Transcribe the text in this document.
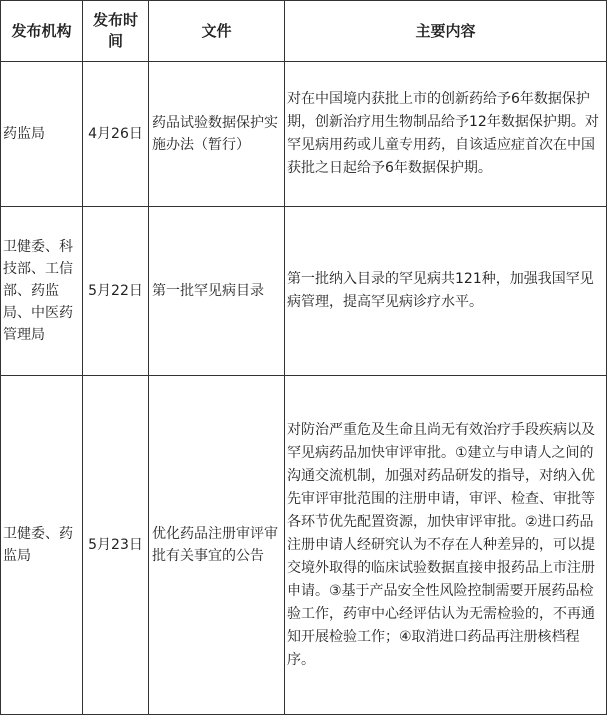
发布机构	发布时间	文件	主要内容
药监局	4月26日	药品试验数据保护实施办法（暂行）	对在中国境内获批上市的创新药给予6年数据保护期，创新治疗用生物制品给予12年数据保护期。对罕见病用药或儿童专用药，自该适应症首次在中国获批之日起给予6年数据保护期。
卫健委、科技部、工信部、药监局、中医药管理局	5月22日	第一批罕见病目录	第一批纳入目录的罕见病共121种，加强我国罕见病管理，提高罕见病诊疗水平。
卫健委、药监局	5月23日	优化药品注册审评审批有关事宜的公告	对防治严重危及生命且尚无有效治疗手段疾病以及罕见病药品加快审评审批。①建立与申请人之间的沟通交流机制，加强对药品研发的指导，对纳入优先审评审批范围的注册申请，审评、检查、审批等各环节优先配置资源，加快审评审批。②进口药品注册申请人经研究认为不存在人种差异的，可以提交境外取得的临床试验数据直接申报药品上市注册申请。③基于产品安全性风险控制需要开展药品检验工作，药审中心经评估认为无需检验的，不再通知开展检验工作；④取消进口药品再注册核档程序。
